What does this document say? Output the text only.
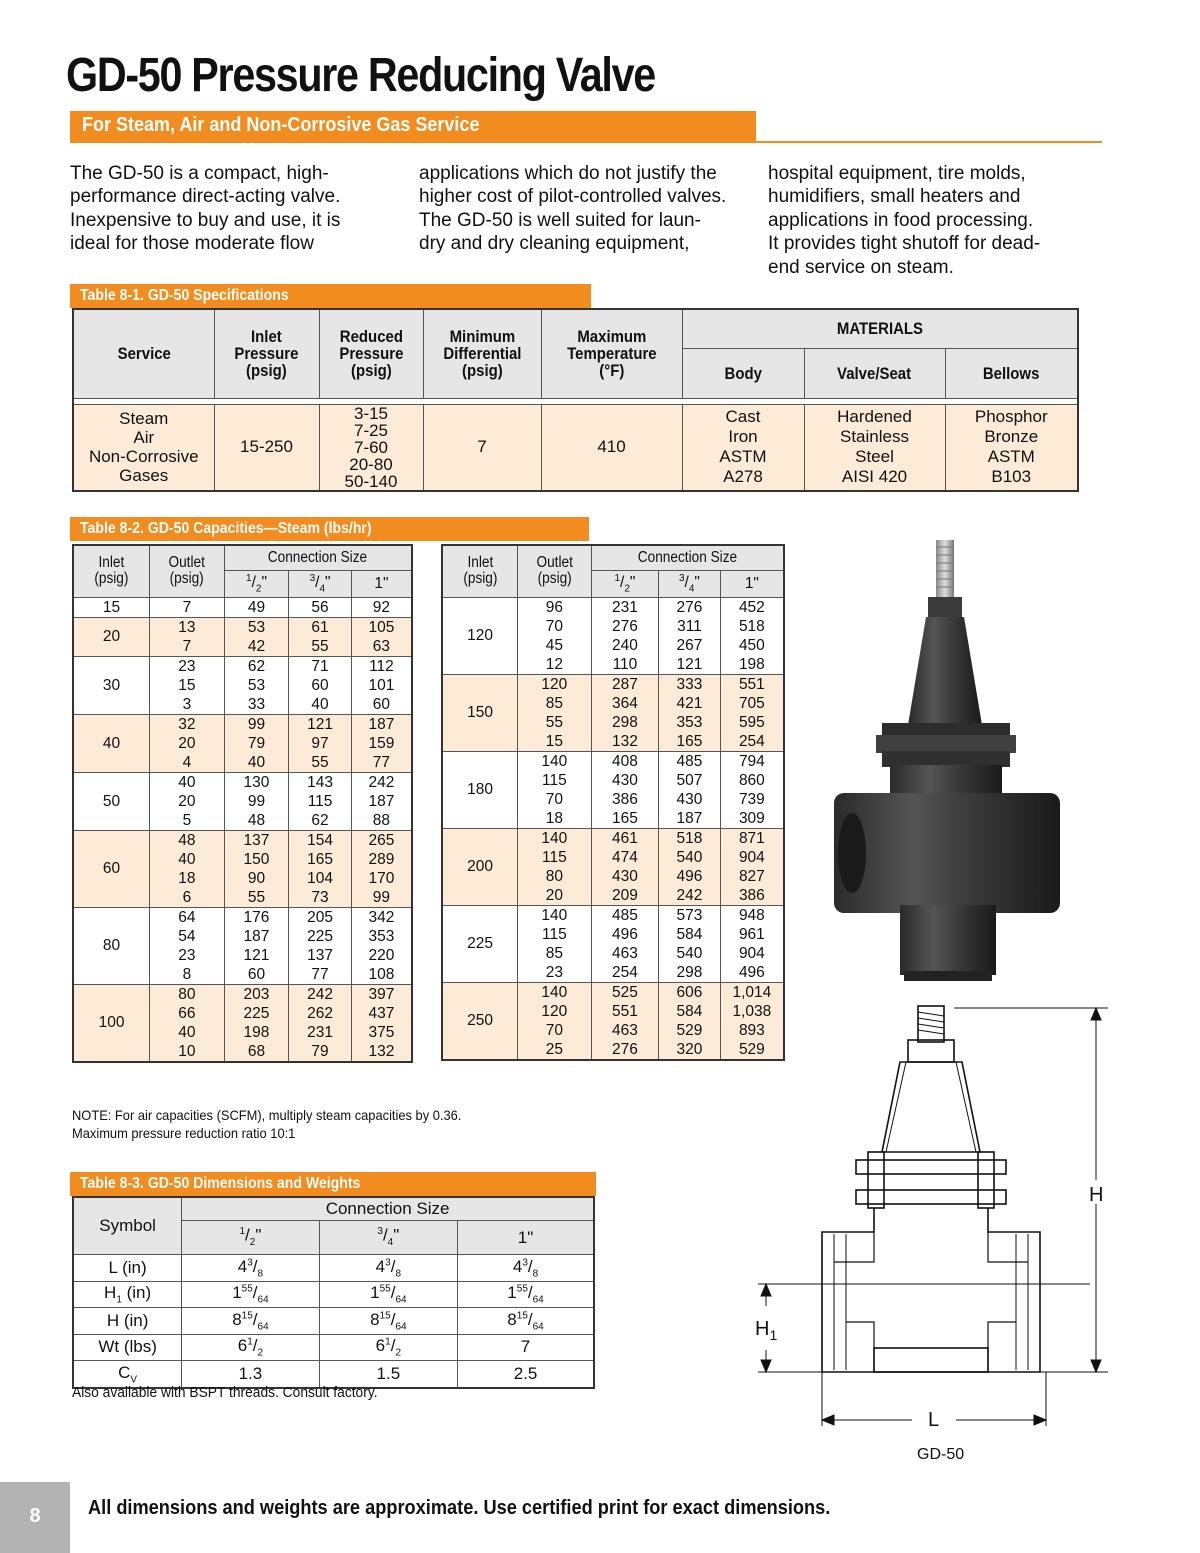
GD-50 Pressure Reducing Valve
For Steam, Air and Non-Corrosive Gas Service
The GD-50 is a compact, high-
performance direct-acting valve.
Inexpensive to buy and use, it is
ideal for those moderate flow
applications which do not justify the
higher cost of pilot-controlled valves.
The GD-50 is well suited for laun-
dry and dry cleaning equipment,
hospital equipment, tire molds,
humidifiers, small heaters and
applications in food processing.
It provides tight shutoff for dead-
end service on steam.
Table 8-1. GD-50 Specifications
Service	Inlet
Pressure
(psig)	Reduced
Pressure
(psig)	Minimum
Differential
(psig)	Maximum
Temperature
(°F)	MATERIALS		
					Body	Valve/Seat	Bellows

Steam
Air
Non-Corrosive
Gases	15-250	3-15
7-25
7-60
20-80
50-140	7	410	Cast
Iron
ASTM
A278	Hardened
Stainless
Steel
AISI 420	Phosphor
Bronze
ASTM
B103
Table 8-2. GD-50 Capacities—Steam (lbs/hr)
Inlet
(psig)	Outlet
(psig)	Connection Size		
		$^1/_2$"	$^3/_4$"	1"
15	7	49	56	92
20	13	53	61	105
	7	42	55	63
30	23	62	71	112
	15	53	60	101
	3	33	40	60
40	32	99	121	187
	20	79	97	159
	4	40	55	77
50	40	130	143	242
	20	99	115	187
	5	48	62	88
60	48	137	154	265
	40	150	165	289
	18	90	104	170
	6	55	73	99
80	64	176	205	342
	54	187	225	353
	23	121	137	220
	8	60	77	108
100	80	203	242	397
	66	225	262	437
	40	198	231	375
	10	68	79	132
Inlet
(psig)	Outlet
(psig)	Connection Size		
		$^1/_2$"	$^3/_4$"	1"
120	96	231	276	452
	70	276	311	518
	45	240	267	450
	12	110	121	198
150	120	287	333	551
	85	364	421	705
	55	298	353	595
	15	132	165	254
180	140	408	485	794
	115	430	507	860
	70	386	430	739
	18	165	187	309
200	140	461	518	871
	115	474	540	904
	80	430	496	827
	20	209	242	386
225	140	485	573	948
	115	496	584	961
	85	463	540	904
	23	254	298	496
250	140	525	606	1,014
	120	551	584	1,038
	70	463	529	893
	25	276	320	529
NOTE: For air capacities (SCFM), multiply steam capacities by 0.36.
Maximum pressure reduction ratio 10:1
Table 8-3. GD-50 Dimensions and Weights
Symbol	Connection Size		
	$^1/_2$"	$^3/_4$"	1"
L (in)	$4^3/_8$	$4^3/_8$	$4^3/_8$
$H_1$ (in)	$1^{55}/_{64}$	$1^{55}/_{64}$	$1^{55}/_{64}$
H (in)	$8^{15}/_{64}$	$8^{15}/_{64}$	$8^{15}/_{64}$
Wt (lbs)	$6^1/_2$	$6^1/_2$	7
$C_V$	1.3	1.5	2.5
Also available with BSPT threads. Consult factory.
H
$H_1$
L
GD-50
8	All dimensions and weights are approximate. Use certified print for exact dimensions.
